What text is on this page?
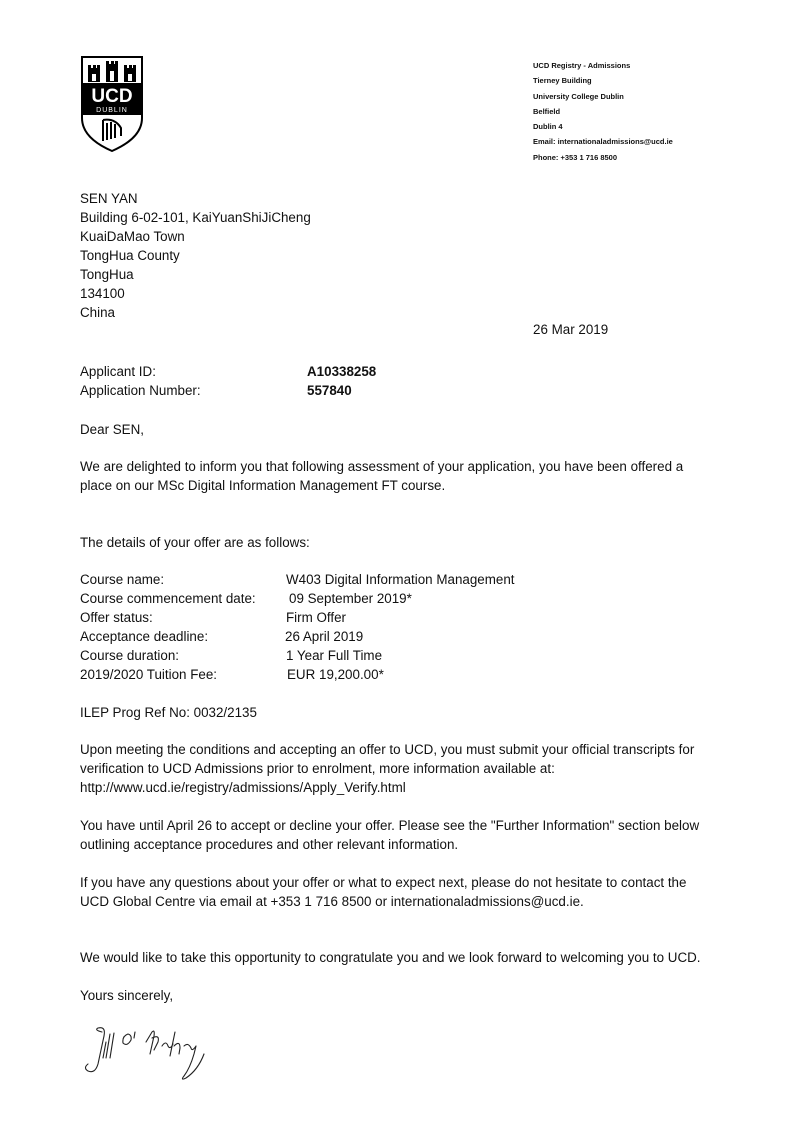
UCD
DUBLIN
UCD Registry - Admissions
Tierney Building
University College Dublin
Belfield
Dublin 4
Email: internationaladmissions@ucd.ie
Phone: +353 1 716 8500
SEN YAN
Building 6-02-101, KaiYuanShiJiCheng
KuaiDaMao Town
TongHua County
TongHua
134100
China
26 Mar 2019
Applicant ID:	A10338258
Application Number:	557840
Dear SEN,
We are delighted to inform you that following assessment of your application, you have been offered a
place on our MSc Digital Information Management FT course.
The details of your offer are as follows:
Course name:	W403 Digital Information Management
Course commencement date: 09 September 2019*
Offer status:	Firm Offer
Acceptance deadline:	26 April 2019
Course duration:	1 Year Full Time
2019/2020 Tuition Fee:	EUR 19,200.00*
ILEP Prog Ref No: 0032/2135
Upon meeting the conditions and accepting an offer to UCD, you must submit your official transcripts for
verification to UCD Admissions prior to enrolment, more information available at:
http://www.ucd.ie/registry/admissions/Apply_Verify.html
You have until April 26 to accept or decline your offer. Please see the "Further Information" section below
outlining acceptance procedures and other relevant information.
If you have any questions about your offer or what to expect next, please do not hesitate to contact the
UCD Global Centre via email at +353 1 716 8500 or internationaladmissions@ucd.ie.
We would like to take this opportunity to congratulate you and we look forward to welcoming you to UCD.
Yours sincerely,
